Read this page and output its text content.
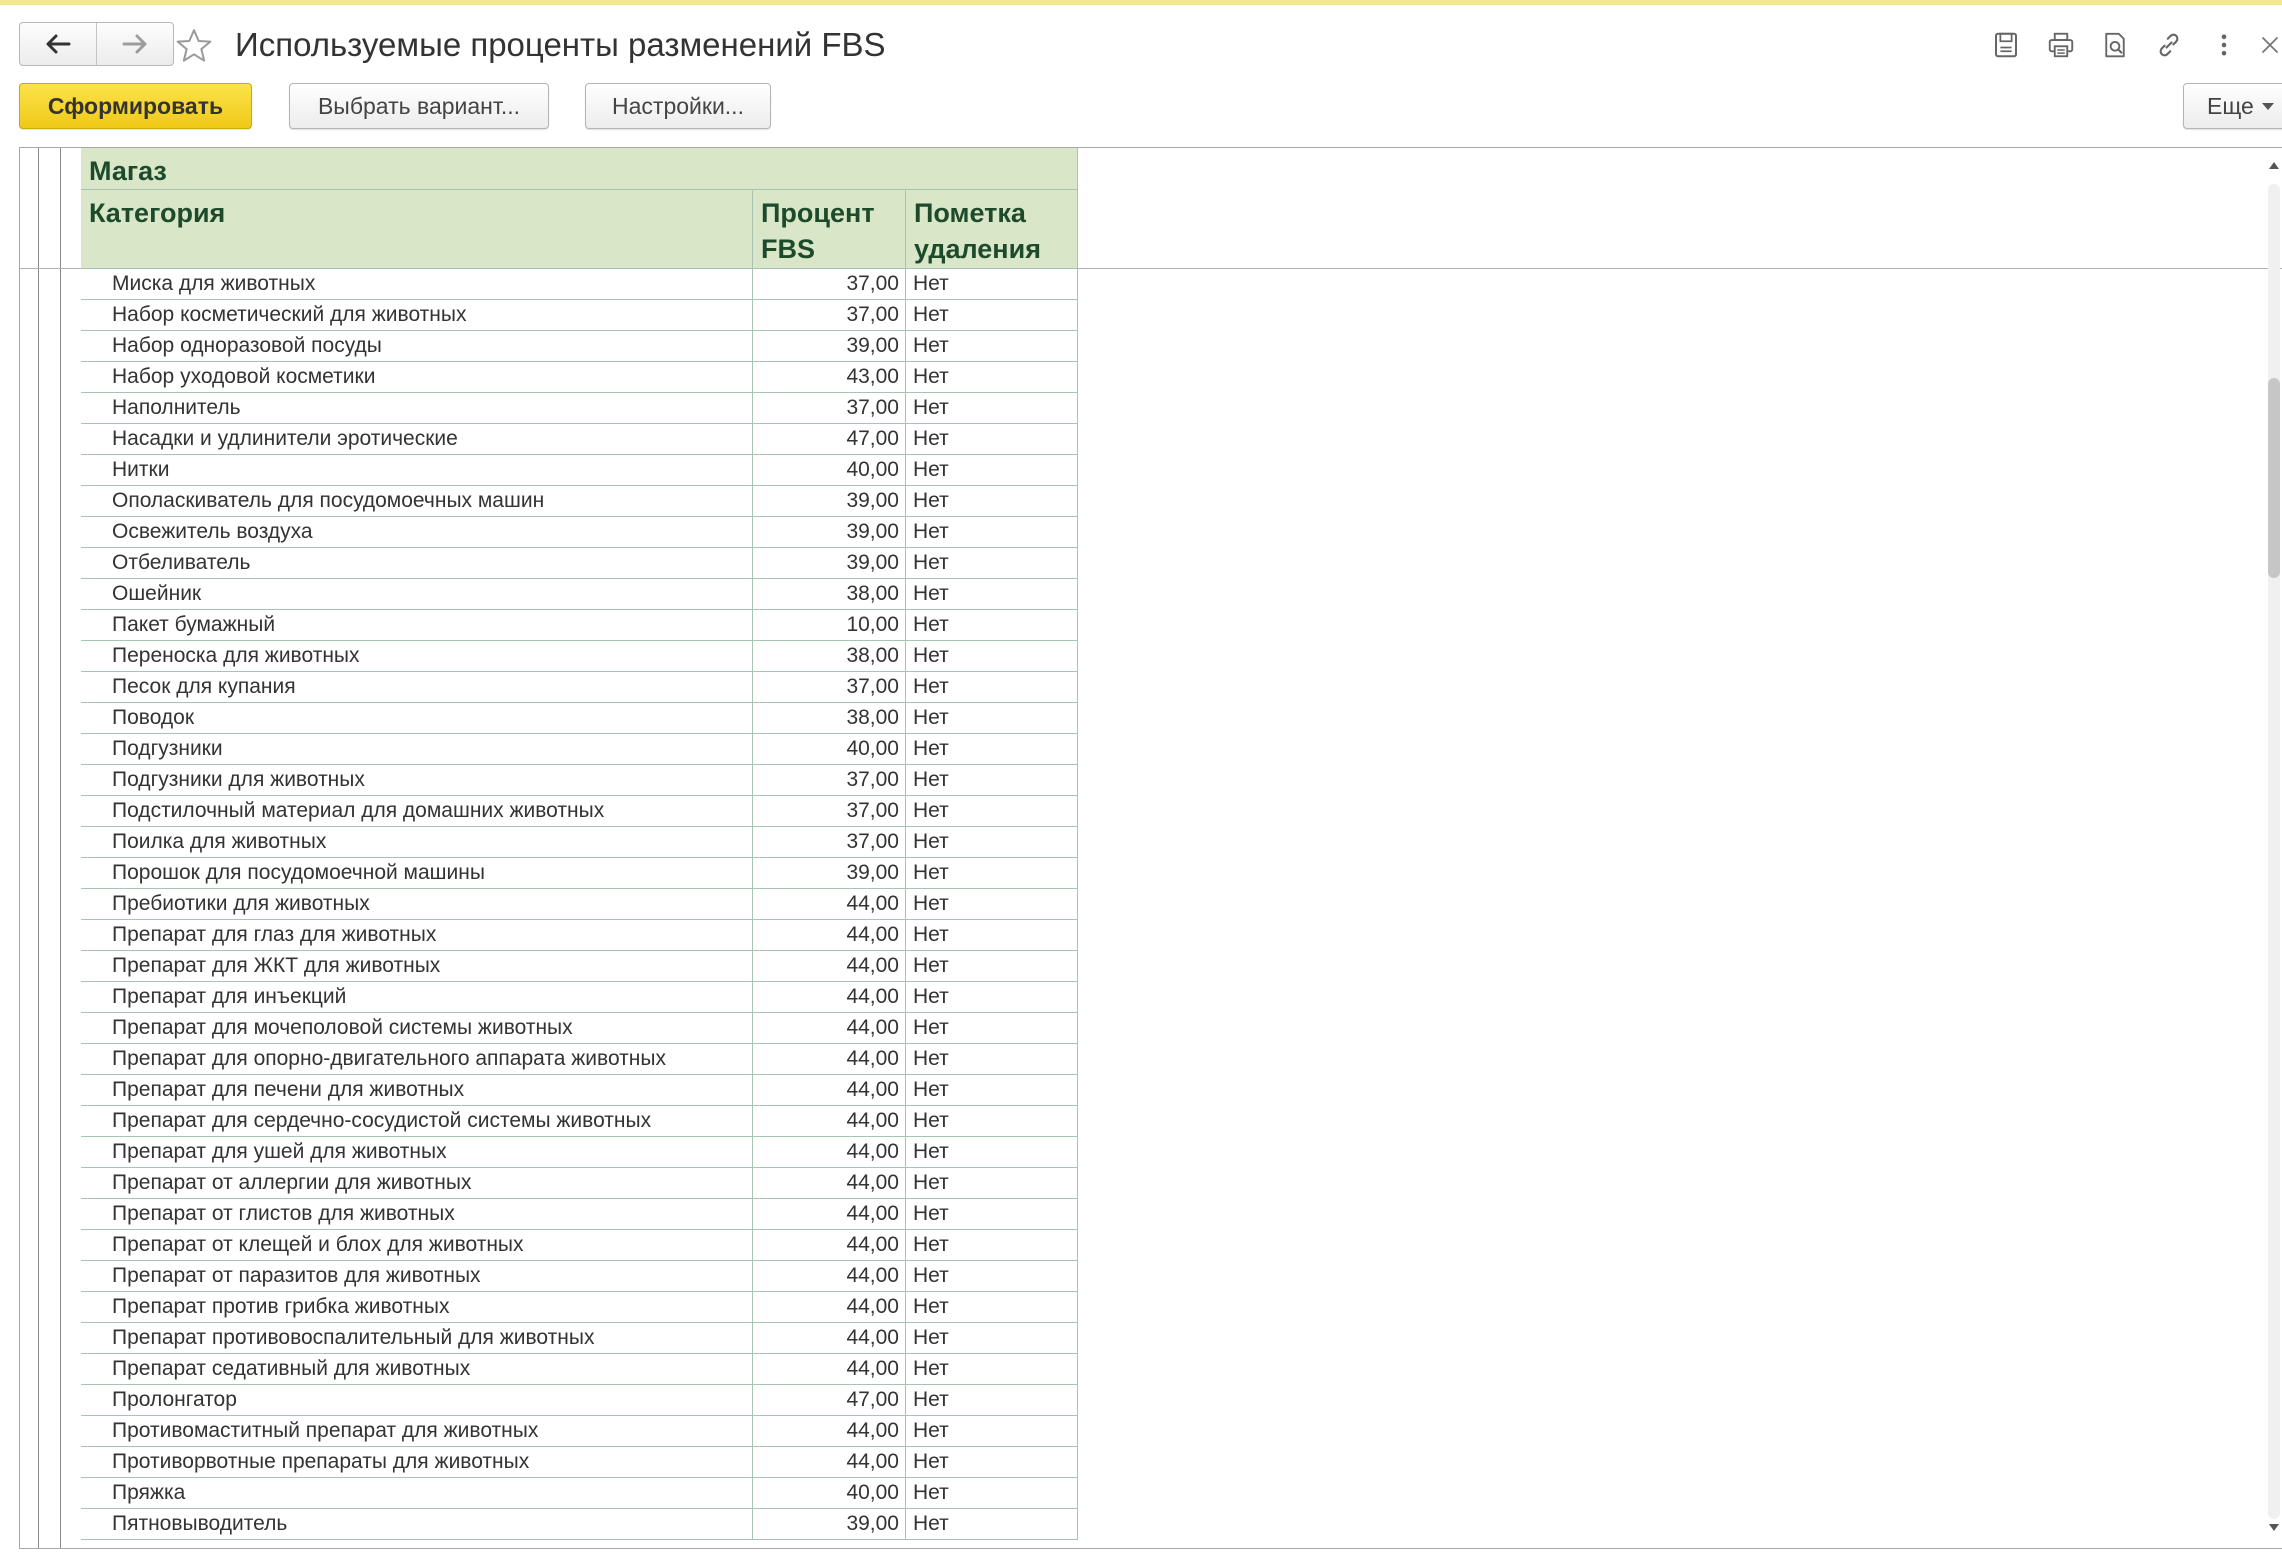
Используемые проценты разменений FBS
Сформировать	Выбрать вариант...	Настройки...	Еще
Магаз
Категория	Процент FBS
Пометка удаления
Миска для животных	37,00 Нет
Набор косметический для животных	37,00 Нет
Набор одноразовой посуды	39,00 Нет
Набор уходовой косметики	43,00 Нет
Наполнитель	37,00 Нет
Насадки и удлинители эротические	47,00 Нет
Нитки	40,00 Нет
Ополаскиватель для посудомоечных машин	39,00 Нет
Освежитель воздуха	39,00 Нет
Отбеливатель	39,00 Нет
Ошейник	38,00 Нет
Пакет бумажный	10,00 Нет
Переноска для животных	38,00 Нет
Песок для купания	37,00 Нет
Поводок	38,00 Нет
Подгузники	40,00 Нет
Подгузники для животных	37,00 Нет
Подстилочный материал для домашних животных	37,00 Нет
Поилка для животных	37,00 Нет
Порошок для посудомоечной машины	39,00 Нет
Пребиотики для животных	44,00 Нет
Препарат для глаз для животных	44,00 Нет
Препарат для ЖКТ для животных	44,00 Нет
Препарат для инъекций	44,00 Нет
Препарат для мочеполовой системы животных	44,00 Нет
Препарат для опорно-двигательного аппарата животных	44,00 Нет
Препарат для печени для животных	44,00 Нет
Препарат для сердечно-сосудистой системы животных	44,00 Нет
Препарат для ушей для животных	44,00 Нет
Препарат от аллергии для животных	44,00 Нет
Препарат от глистов для животных	44,00 Нет
Препарат от клещей и блох для животных	44,00 Нет
Препарат от паразитов для животных	44,00 Нет
Препарат против грибка животных	44,00 Нет
Препарат противовоспалительный для животных	44,00 Нет
Препарат седативный для животных	44,00 Нет
Пролонгатор	47,00 Нет
Противомаститный препарат для животных	44,00 Нет
Противорвотные препараты для животных	44,00 Нет
Пряжка	40,00 Нет
Пятновыводитель	39,00 Нет
